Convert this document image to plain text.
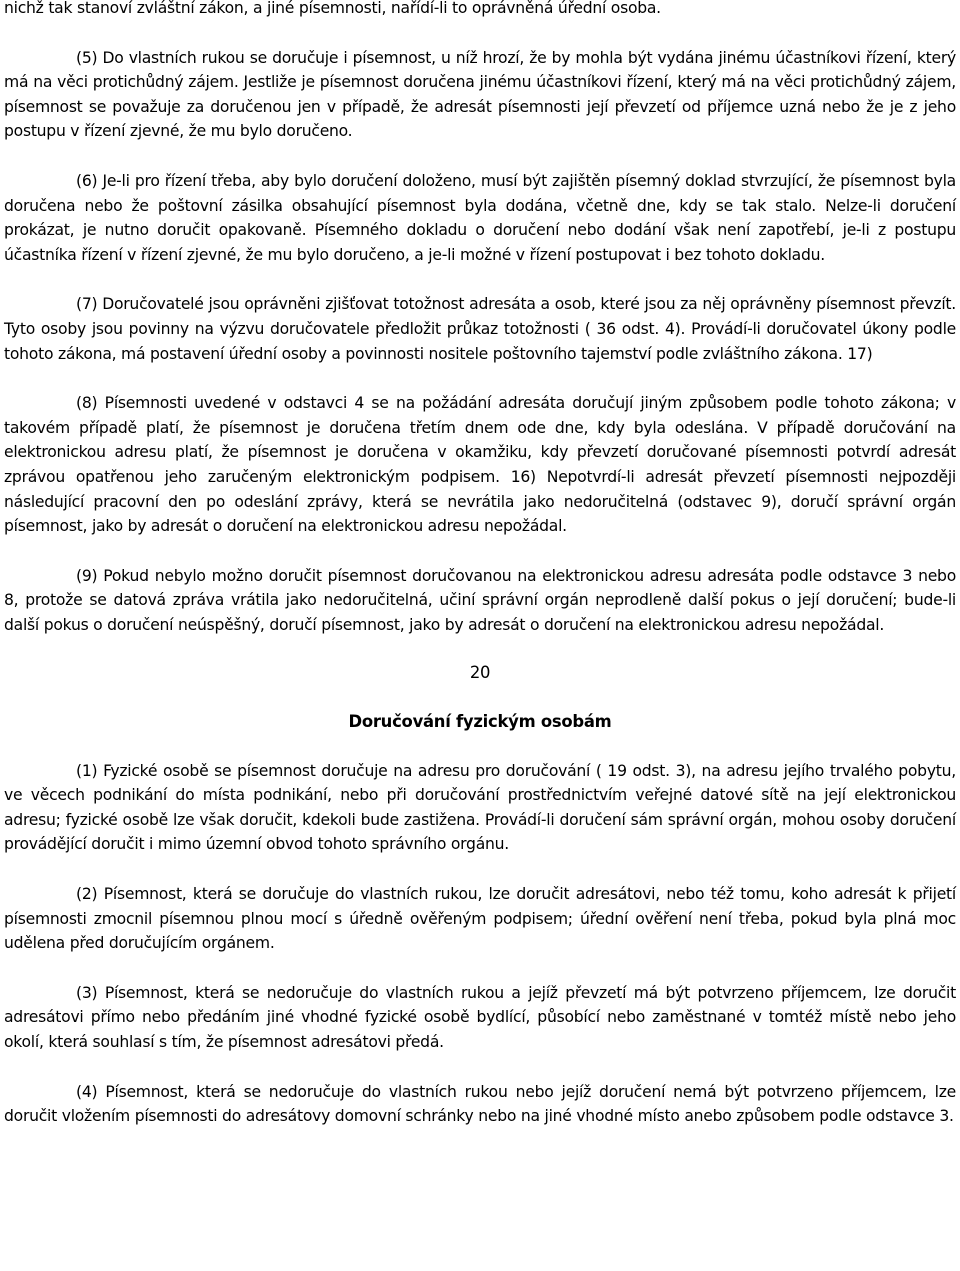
nichž tak stanoví zvláštní zákon, a jiné písemnosti, nařídí-li to oprávněná úřední osoba.

(5) Do vlastních rukou se doručuje i písemnost, u níž hrozí, že by mohla být vydána jinému účastníkovi řízení, který má na věci protichůdný zájem. Jestliže je písemnost doručena jinému účastníkovi řízení, který má na věci protichůdný zájem, písemnost se považuje za doručenou jen v případě, že adresát písemnosti její převzetí od příjemce uzná nebo že je z jeho postupu v řízení zjevné, že mu bylo doručeno.

(6) Je-li pro řízení třeba, aby bylo doručení doloženo, musí být zajištěn písemný doklad stvrzující, že písemnost byla doručena nebo že poštovní zásilka obsahující písemnost byla dodána, včetně dne, kdy se tak stalo. Nelze-li doručení prokázat, je nutno doručit opakovaně. Písemného dokladu o doručení nebo dodání však není zapotřebí, je-li z postupu účastníka řízení v řízení zjevné, že mu bylo doručeno, a je-li možné v řízení postupovat i bez tohoto dokladu.

(7) Doručovatelé jsou oprávněni zjišťovat totožnost adresáta a osob, které jsou za něj oprávněny písemnost převzít. Tyto osoby jsou povinny na výzvu doručovatele předložit průkaz totožnosti ( 36 odst. 4). Provádí-li doručovatel úkony podle tohoto zákona, má postavení úřední osoby a povinnosti nositele poštovního tajemství podle zvláštního zákona. 17)

(8) Písemnosti uvedené v odstavci 4 se na požádání adresáta doručují jiným způsobem podle tohoto zákona; v takovém případě platí, že písemnost je doručena třetím dnem ode dne, kdy byla odeslána. V případě doručování na elektronickou adresu platí, že písemnost je doručena v okamžiku, kdy převzetí doručované písemnosti potvrdí adresát zprávou opatřenou jeho zaručeným elektronickým podpisem. 16) Nepotvrdí-li adresát převzetí písemnosti nejpozději následující pracovní den po odeslání zprávy, která se nevrátila jako nedoručitelná (odstavec 9), doručí správní orgán písemnost, jako by adresát o doručení na elektronickou adresu nepožádal.

(9) Pokud nebylo možno doručit písemnost doručovanou na elektronickou adresu adresáta podle odstavce 3 nebo 8, protože se datová zpráva vrátila jako nedoručitelná, učiní správní orgán neprodleně další pokus o její doručení; bude-li další pokus o doručení neúspěšný, doručí písemnost, jako by adresát o doručení na elektronickou adresu nepožádal.

20
Doručování fyzickým osobám

(1) Fyzické osobě se písemnost doručuje na adresu pro doručování ( 19 odst. 3), na adresu jejího trvalého pobytu, ve věcech podnikání do místa podnikání, nebo při doručování prostřednictvím veřejné datové sítě na její elektronickou adresu; fyzické osobě lze však doručit, kdekoli bude zastižena. Provádí-li doručení sám správní orgán, mohou osoby doručení provádějící doručit i mimo územní obvod tohoto správního orgánu.

(2) Písemnost, která se doručuje do vlastních rukou, lze doručit adresátovi, nebo též tomu, koho adresát k přijetí písemnosti zmocnil písemnou plnou mocí s úředně ověřeným podpisem; úřední ověření není třeba, pokud byla plná moc udělena před doručujícím orgánem.

(3) Písemnost, která se nedoručuje do vlastních rukou a jejíž převzetí má být potvrzeno příjemcem, lze doručit adresátovi přímo nebo předáním jiné vhodné fyzické osobě bydlící, působící nebo zaměstnané v tomtéž místě nebo jeho okolí, která souhlasí s tím, že písemnost adresátovi předá.

(4) Písemnost, která se nedoručuje do vlastních rukou nebo jejíž doručení nemá být potvrzeno příjemcem, lze doručit vložením písemnosti do adresátovy domovní schránky nebo na jiné vhodné místo anebo způsobem podle odstavce 3.
